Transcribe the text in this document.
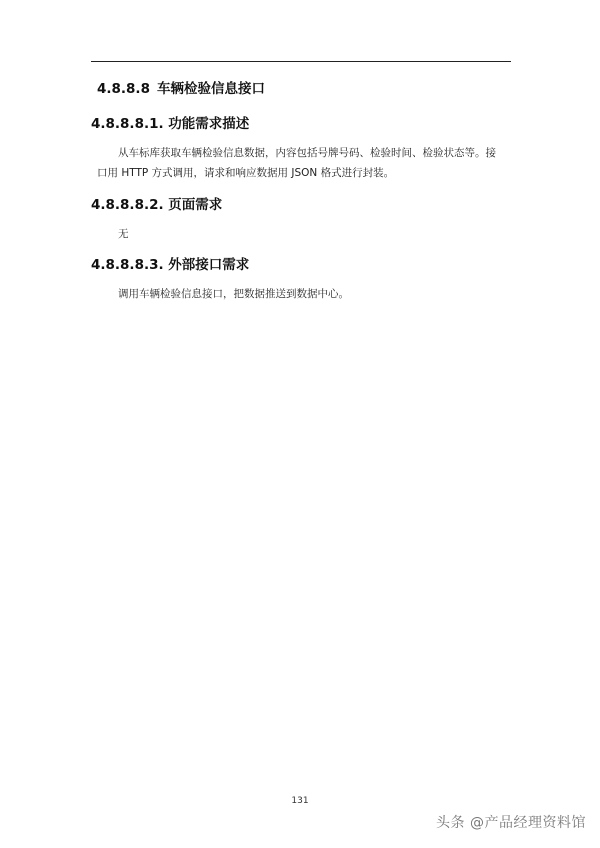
4.8.8.8 车辆检验信息接口
4.8.8.8.1. 功能需求描述
从车标库获取车辆检验信息数据，内容包括号牌号码、检验时间、检验状态等。接口用 HTTP 方式调用，请求和响应数据用 JSON 格式进行封装。
4.8.8.8.2. 页面需求
无
4.8.8.8.3. 外部接口需求
调用车辆检验信息接口，把数据推送到数据中心。
131
头条 @产品经理资料馆
